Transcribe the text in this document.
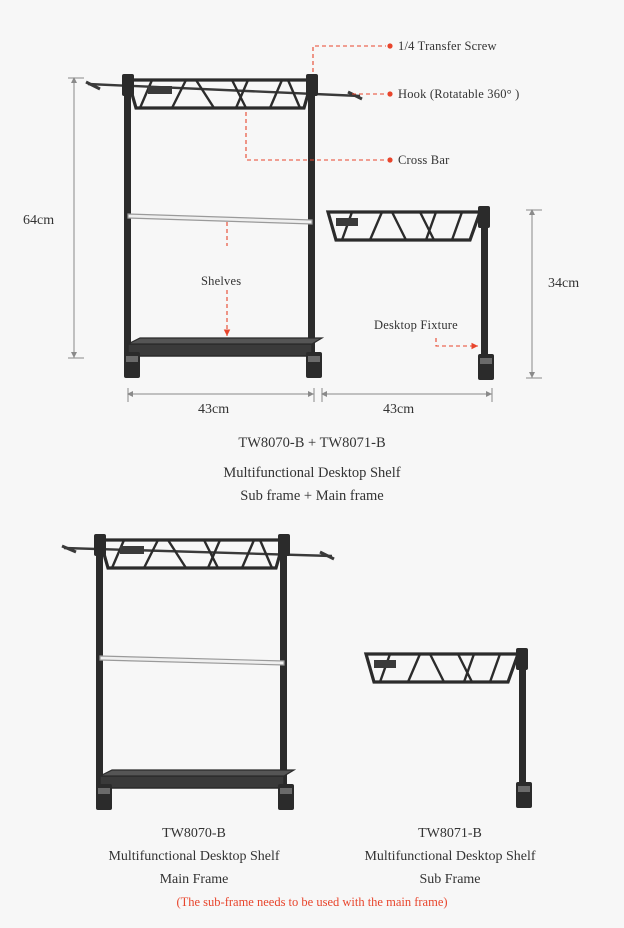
1/4 Transfer Screw
Hook (Rotatable 360° )
Cross Bar
Shelves
Desktop Fixture
64cm
34cm
43cm	43cm
TW8070-B + TW8071-B
Multifunctional Desktop Shelf
Sub frame + Main frame
TW8070-B
Multifunctional Desktop Shelf
Main Frame
TW8071-B
Multifunctional Desktop Shelf
Sub Frame
(The sub-frame needs to be used with the main frame)
